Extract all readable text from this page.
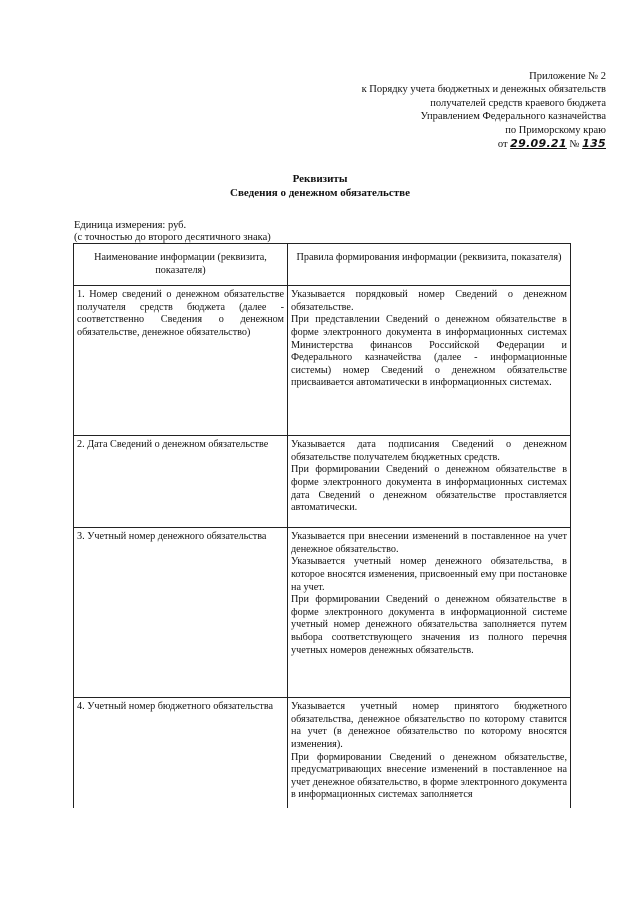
Приложение № 2
к Порядку учета бюджетных и денежных обязательств
получателей средств краевого бюджета
Управлением Федерального казначейства
по Приморскому краю
от 29.09.21 № 135
Реквизиты
Сведения о денежном обязательстве
Единица измерения: руб.
(с точностью до второго десятичного знака)
Наименование информации (реквизита, показателя)	Правила формирования информации (реквизита, показателя)
1. Номер сведений о денежном обязательстве получателя средств бюджета (далее - соответственно Сведения о денежном обязательстве, денежное обязательство)	Указывается порядковый номер Сведений о денежном обязательстве.

При представлении Сведений о денежном обязательстве в форме электронного документа в информационных системах Министерства финансов Российской Федерации и Федерального казначейства (далее - информационные системы) номер Сведений о денежном обязательстве присваивается автоматически в информационных системах.

2. Дата Сведений о денежном обязательстве	Указывается дата подписания Сведений о денежном обязательстве получателем бюджетных средств.

При формировании Сведений о денежном обязательстве в форме электронного документа в информационных системах дата Сведений о денежном обязательстве проставляется автоматически.

3. Учетный номер денежного обязательства	Указывается при внесении изменений в поставленное на учет денежное обязательство.

Указывается учетный номер денежного обязательства, в которое вносятся изменения, присвоенный ему при постановке на учет.

При формировании Сведений о денежном обязательстве в форме электронного документа в информационной системе учетный номер денежного обязательства заполняется путем выбора соответствующего значения из полного перечня учетных номеров денежных обязательств.

4. Учетный номер бюджетного обязательства	Указывается учетный номер принятого бюджетного обязательства, денежное обязательство по которому ставится на учет (в денежное обязательство по которому вносятся изменения).

При формировании Сведений о денежном обязательстве, предусматривающих внесение изменений в поставленное на учет денежное обязательство, в форме электронного документа в информационных системах заполняется
